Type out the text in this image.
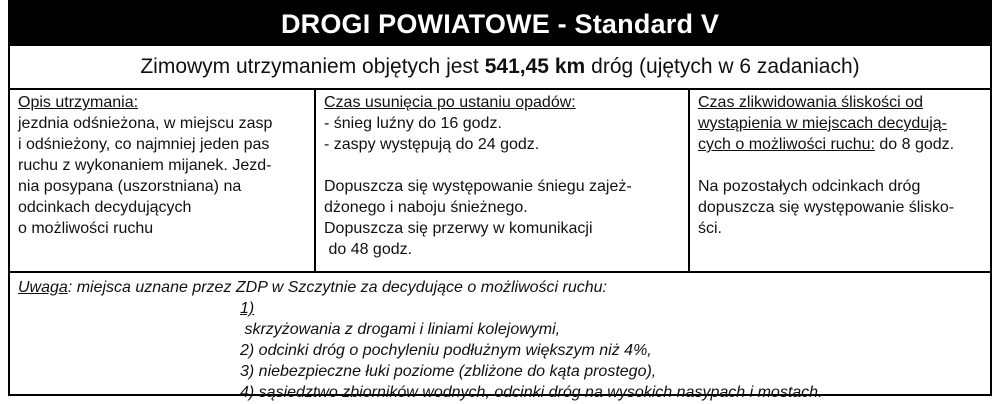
DROGI POWIATOWE - Standard V
Zimowym utrzymaniem objętych jest 541,45 km dróg (ujętych w 6 zadaniach)
Opis utrzymania:
jezdnia odśnieżona, w miejscu zasp
i odśnieżony, co najmniej jeden pas
ruchu z wykonaniem mijanek. Jezd-
nia posypana (uszorstniana) na
odcinkach decydujących
o możliwości ruchu
Czas usunięcia po ustaniu opadów:
- śnieg luźny do 16 godz.
- zaspy występują do 24 godz.
Dopuszcza się występowanie śniegu zajeż-
dżonego i naboju śnieżnego.
Dopuszcza się przerwy w komunikacji
do 48 godz.
Czas zlikwidowania śliskości od
wystąpienia w miejscach decydują-
cych o możliwości ruchu: do 8 godz.
Na pozostałych odcinkach dróg
dopuszcza się występowanie ślisko-
ści.
Uwaga: miejsca uznane przez ZDP w Szczytnie za decydujące o możliwości ruchu:
1)
skrzyżowania z drogami i liniami kolejowymi,
2) odcinki dróg o pochyleniu podłużnym większym niż 4%,
3) niebezpieczne łuki poziome (zbliżone do kąta prostego),
4) sąsiedztwo zbiorników wodnych, odcinki dróg na wysokich nasypach i mostach.
